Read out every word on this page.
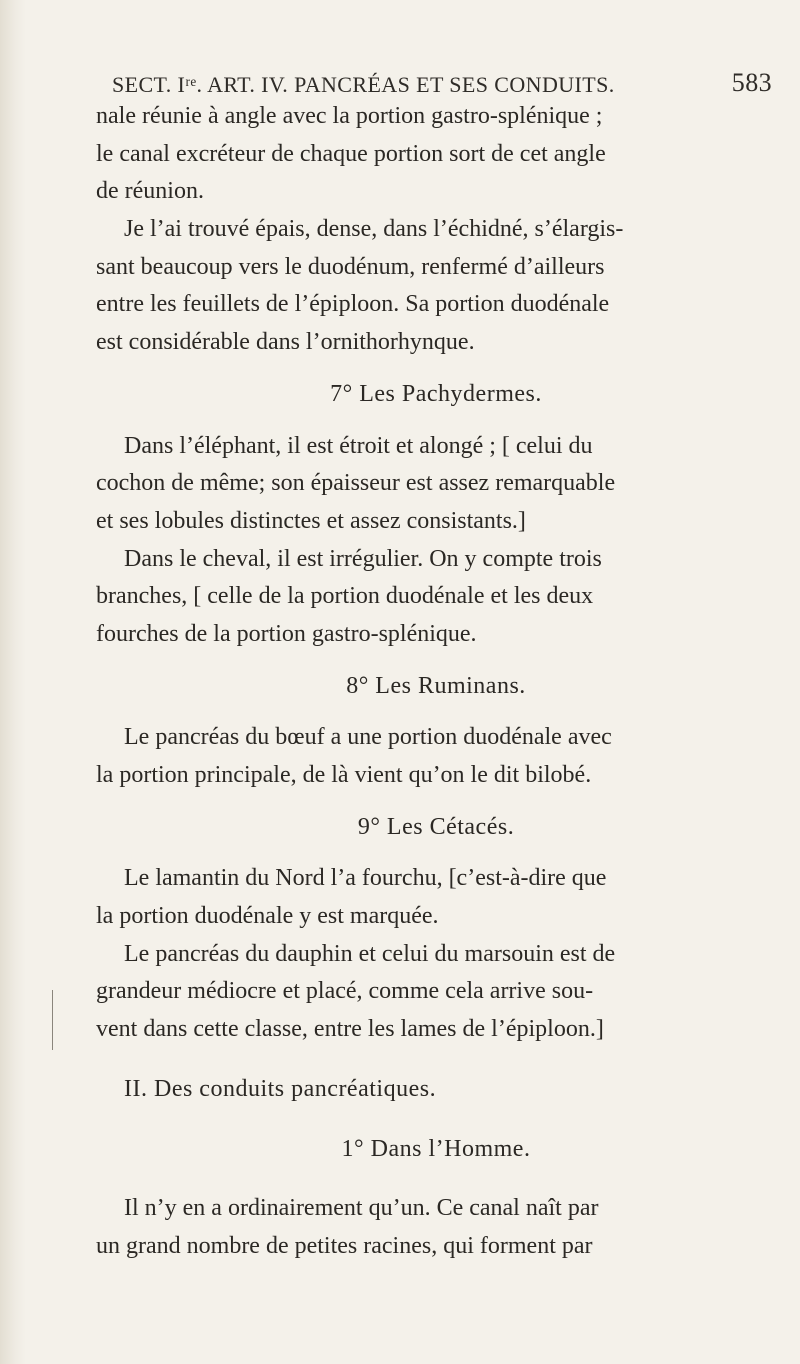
SECT. Iʳᵉ. ART. IV. PANCRÉAS ET SES CONDUITS.	583
nale réunie à angle avec la portion gastro-splénique ;
le canal excréteur de chaque portion sort de cet angle
de réunion.
Je l’ai trouvé épais, dense, dans l’échidné, s’élargis-
sant beaucoup vers le duodénum, renfermé d’ailleurs
entre les feuillets de l’épiploon. Sa portion duodénale
est considérable dans l’ornithorhynque.
7° Les Pachydermes.
Dans l’éléphant, il est étroit et alongé ; [ celui du
cochon de même; son épaisseur est assez remarquable
et ses lobules distinctes et assez consistants.]
Dans le cheval, il est irrégulier. On y compte trois
branches, [ celle de la portion duodénale et les deux
fourches de la portion gastro-splénique.
8° Les Ruminans.
Le pancréas du bœuf a une portion duodénale avec
la portion principale, de là vient qu’on le dit bilobé.
9° Les Cétacés.
Le lamantin du Nord l’a fourchu, [c’est-à-dire que
la portion duodénale y est marquée.
Le pancréas du dauphin et celui du marsouin est de
grandeur médiocre et placé, comme cela arrive sou-
vent dans cette classe, entre les lames de l’épiploon.]
II. Des conduits pancréatiques.
1° Dans l’Homme.
Il n’y en a ordinairement qu’un. Ce canal naît par
un grand nombre de petites racines, qui forment par
